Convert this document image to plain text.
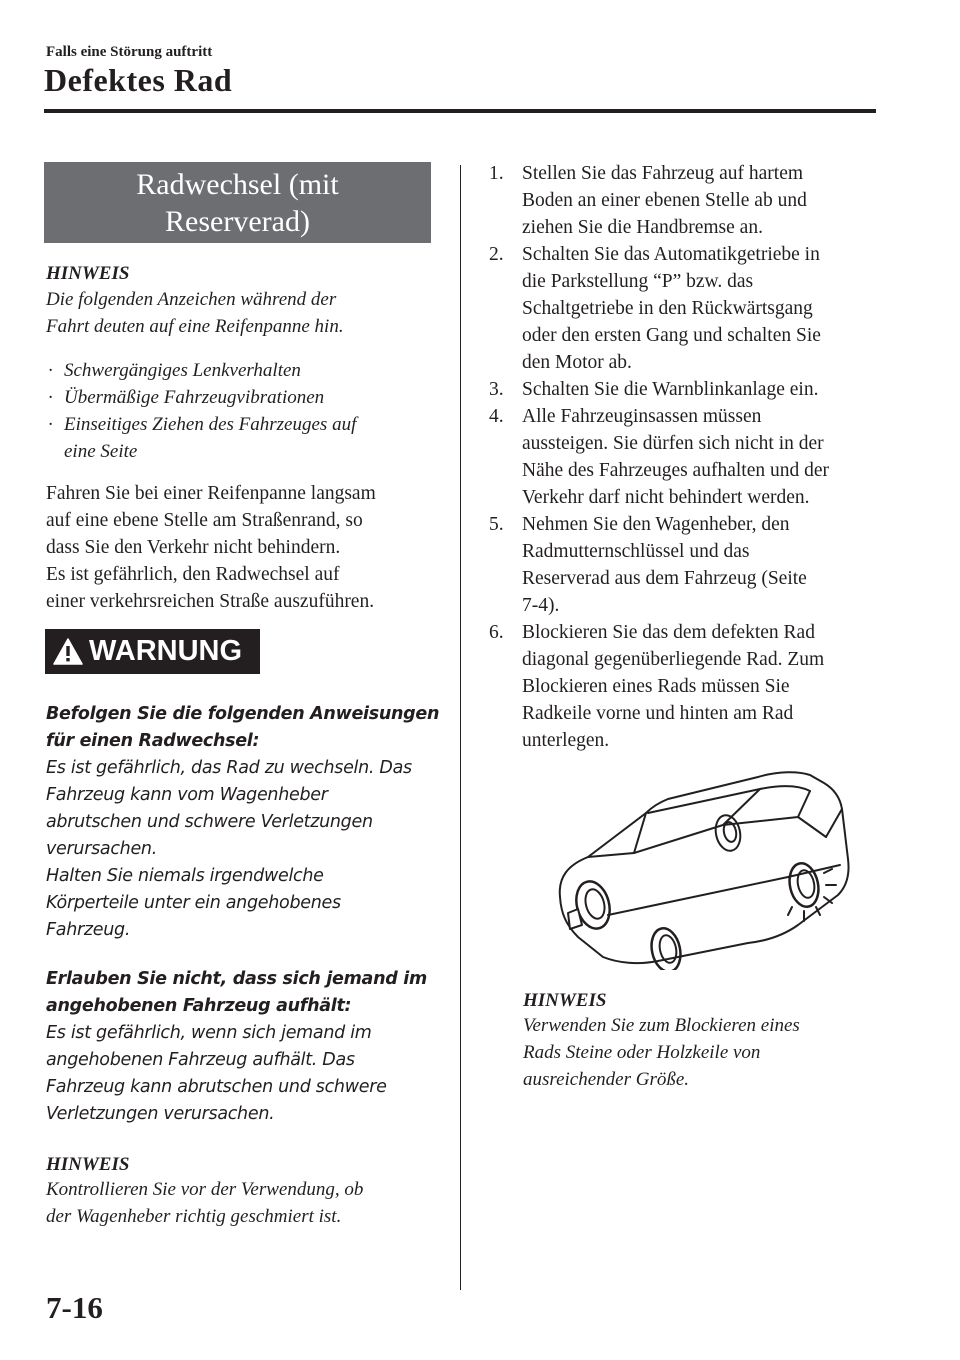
Falls eine Störung auftritt
Defektes Rad
Radwechsel (mit
Reserverad)
HINWEIS
Die folgenden Anzeichen während der
Fahrt deuten auf eine Reifenpanne hin.
· Schwergängiges Lenkverhalten
· Übermäßige Fahrzeugvibrationen
· Einseitiges Ziehen des Fahrzeuges auf
eine Seite
Fahren Sie bei einer Reifenpanne langsam
auf eine ebene Stelle am Straßenrand, so
dass Sie den Verkehr nicht behindern.
Es ist gefährlich, den Radwechsel auf
einer verkehrsreichen Straße auszuführen.
WARNUNG
Befolgen Sie die folgenden Anweisungen
für einen Radwechsel:
Es ist gefährlich, das Rad zu wechseln. Das
Fahrzeug kann vom Wagenheber
abrutschen und schwere Verletzungen
verursachen.
Halten Sie niemals irgendwelche
Körperteile unter ein angehobenes
Fahrzeug.
Erlauben Sie nicht, dass sich jemand im
angehobenen Fahrzeug aufhält:
Es ist gefährlich, wenn sich jemand im
angehobenen Fahrzeug aufhält. Das
Fahrzeug kann abrutschen und schwere
Verletzungen verursachen.
HINWEIS
Kontrollieren Sie vor der Verwendung, ob
der Wagenheber richtig geschmiert ist.
1. Stellen Sie das Fahrzeug auf hartem
Boden an einer ebenen Stelle ab und
ziehen Sie die Handbremse an.
2. Schalten Sie das Automatikgetriebe in
die Parkstellung “P” bzw. das
Schaltgetriebe in den Rückwärtsgang
oder den ersten Gang und schalten Sie
den Motor ab.
3. Schalten Sie die Warnblinkanlage ein.
4. Alle Fahrzeuginsassen müssen
aussteigen. Sie dürfen sich nicht in der
Nähe des Fahrzeuges aufhalten und der
Verkehr darf nicht behindert werden.
5. Nehmen Sie den Wagenheber, den
Radmutternschlüssel und das
Reserverad aus dem Fahrzeug (Seite
7-4).
6. Blockieren Sie das dem defekten Rad
diagonal gegenüberliegende Rad. Zum
Blockieren eines Rads müssen Sie
Radkeile vorne und hinten am Rad
unterlegen.
HINWEIS
Verwenden Sie zum Blockieren eines
Rads Steine oder Holzkeile von
ausreichender Größe.
7-16
